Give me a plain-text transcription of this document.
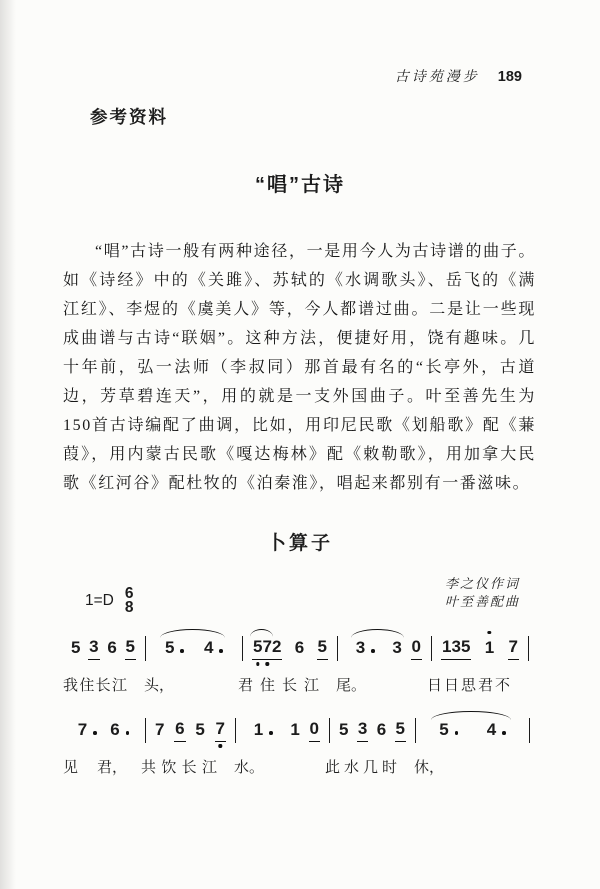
古诗苑漫步 189
参考资料
“唱”古诗

“唱”古诗一般有两种途径，一是用今人为古诗谱的曲子。如《诗经》中的《关雎》、苏轼的《水调歌头》、岳飞的《满江红》、李煜的《虞美人》等，今人都谱过曲。二是让一些现成曲谱与古诗“联姻”。这种方法，便捷好用，饶有趣味。几十年前，弘一法师（李叔同）那首最有名的“长亭外，古道边，芳草碧连天”，用的就是一支外国曲子。叶至善先生为150首古诗编配了曲调，比如，用印尼民歌《划船歌》配《蒹葭》，用内蒙古民歌《嘎达梅林》配《敕勒歌》，用加拿大民歌《红河谷》配杜牧的《泊秦淮》，唱起来都别有一番滋味。

卜算子
1=D 6
8
李之仪作词
叶至善配曲
5 3 6 5 5	4	5 7 2 6 5 3	3 0 1 3 5 1 7
我 住 长 江 头，	君 住 长 江 尾。	日 日 思 君 不
7	6	7 6 5 7 1	1 0 5 3 6 5 5	4
见 君， 共 饮 长 江 水。	此 水 几 时 休，
